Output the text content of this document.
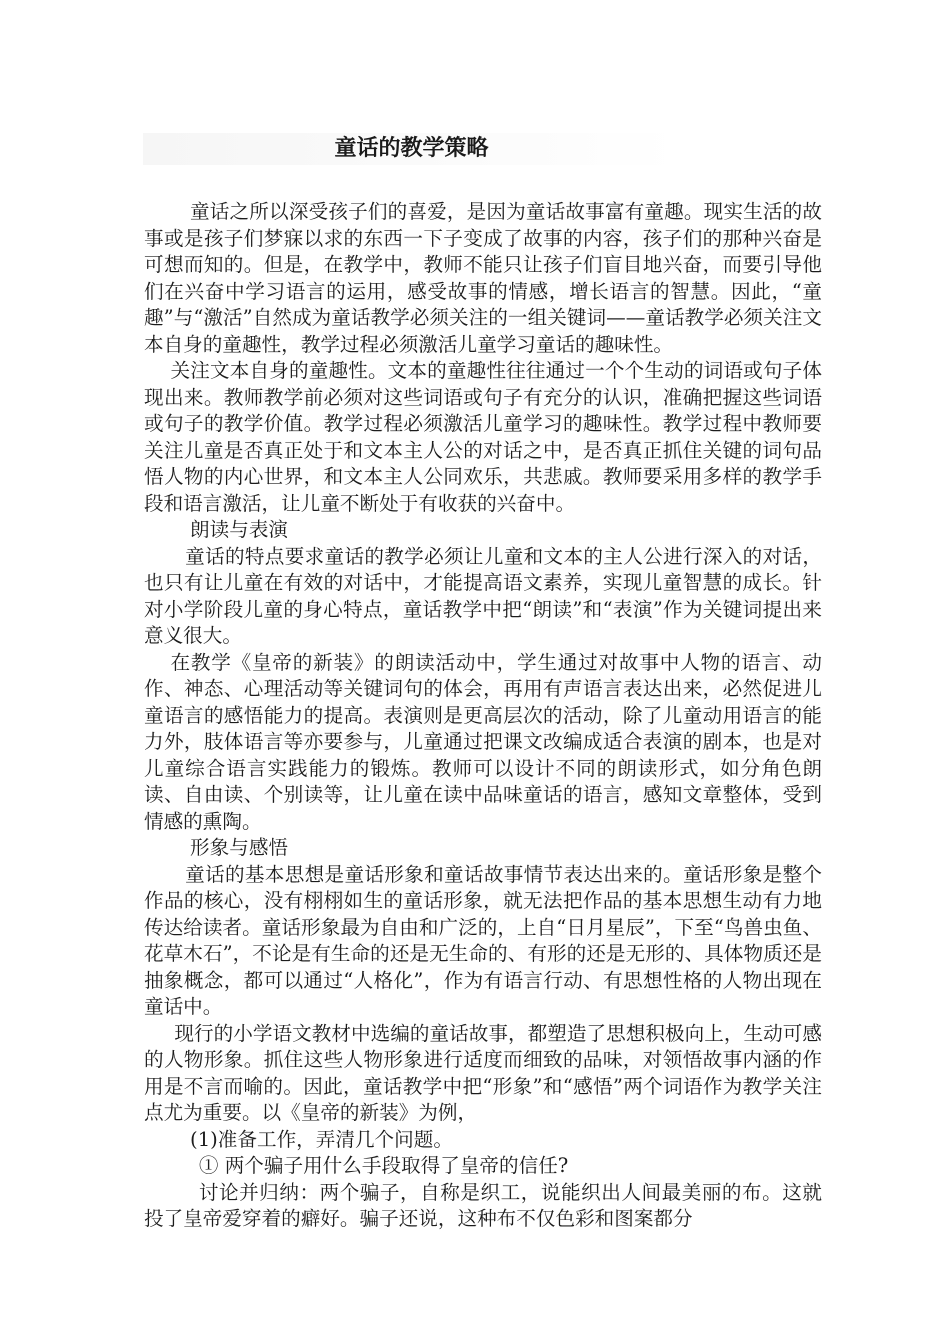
童话的教学策略

童话之所以深受孩子们的喜爱，是因为童话故事富有童趣。现实生活的故事或是孩子们梦寐以求的东西一下子变成了故事的内容，孩子们的那种兴奋是可想而知的。但是，在教学中，教师不能只让孩子们盲目地兴奋，而要引导他们在兴奋中学习语言的运用，感受故事的情感，增长语言的智慧。因此，“童趣”与“激活”自然成为童话教学必须关注的一组关键词——童话教学必须关注文本自身的童趣性，教学过程必须激活儿童学习童话的趣味性。

关注文本自身的童趣性。文本的童趣性往往通过一个个生动的词语或句子体现出来。教师教学前必须对这些词语或句子有充分的认识，准确把握这些词语或句子的教学价值。教学过程必须激活儿童学习的趣味性。教学过程中教师要关注儿童是否真正处于和文本主人公的对话之中，是否真正抓住关键的词句品悟人物的内心世界，和文本主人公同欢乐，共悲戚。教师要采用多样的教学手段和语言激活，让儿童不断处于有收获的兴奋中。

朗读与表演

童话的特点要求童话的教学必须让儿童和文本的主人公进行深入的对话，也只有让儿童在有效的对话中，才能提高语文素养，实现儿童智慧的成长。针对小学阶段儿童的身心特点，童话教学中把“朗读”和“表演”作为关键词提出来意义很大。

在教学《皇帝的新装》的朗读活动中，学生通过对故事中人物的语言、动作、神态、心理活动等关键词句的体会，再用有声语言表达出来，必然促进儿童语言的感悟能力的提高。表演则是更高层次的活动，除了儿童动用语言的能力外，肢体语言等亦要参与，儿童通过把课文改编成适合表演的剧本，也是对儿童综合语言实践能力的锻炼。教师可以设计不同的朗读形式，如分角色朗读、自由读、个别读等，让儿童在读中品味童话的语言，感知文章整体，受到情感的熏陶。

形象与感悟

童话的基本思想是童话形象和童话故事情节表达出来的。童话形象是整个作品的核心，没有栩栩如生的童话形象，就无法把作品的基本思想生动有力地传达给读者。童话形象最为自由和广泛的，上自“日月星辰”，下至“鸟兽虫鱼、花草木石”，不论是有生命的还是无生命的、有形的还是无形的、具体物质还是抽象概念，都可以通过“人格化”，作为有语言行动、有思想性格的人物出现在童话中。

现行的小学语文教材中选编的童话故事，都塑造了思想积极向上，生动可感的人物形象。抓住这些人物形象进行适度而细致的品味，对领悟故事内涵的作用是不言而喻的。因此，童话教学中把“形象”和“感悟”两个词语作为教学关注点尤为重要。以《皇帝的新装》为例，

(1)准备工作，弄清几个问题。

① 两个骗子用什么手段取得了皇帝的信任?

讨论并归纳：两个骗子，自称是织工，说能织出人间最美丽的布。这就投了皇帝爱穿着的癖好。骗子还说，这种布不仅色彩和图案都分
